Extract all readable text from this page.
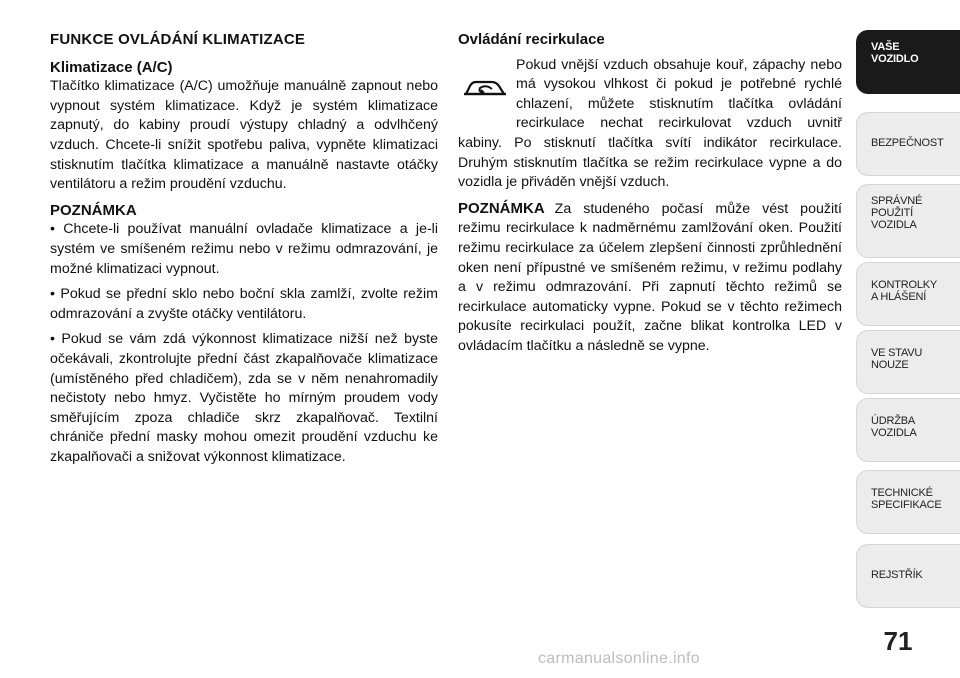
FUNKCE OVLÁDÁNÍ KLIMATIZACE
Klimatizace (A/C)
Tlačítko klimatizace (A/C) umožňuje manuálně zapnout nebo vypnout systém klimatizace. Když je systém klimatizace zapnutý, do kabiny proudí výstupy chladný a odvlhčený vzduch. Chcete-li snížit spotřebu paliva, vypněte klimatizaci stisknutím tlačítka klimatizace a manuálně nastavte otáčky ventilátoru a režim proudění vzduchu.
POZNÁMKA
• Chcete-li používat manuální ovladače klimatizace a je-li systém ve smíšeném režimu nebo v režimu odmrazování, je možné klimatizaci vypnout.
• Pokud se přední sklo nebo boční skla zamlží, zvolte režim odmrazování a zvyšte otáčky ventilátoru.
• Pokud se vám zdá výkonnost klimatizace nižší než byste očekávali, zkontrolujte přední část zkapalňovače klimatizace (umístěného před chladičem), zda se v něm nenahromadily nečistoty nebo hmyz. Vyčistěte ho mírným proudem vody směřujícím zpoza chladiče skrz zkapalňovač. Textilní chrániče přední masky mohou omezit proudění vzduchu ke zkapalňovači a snižovat výkonnost klimatizace.
Ovládání recirkulace
Pokud vnější vzduch obsahuje kouř, zápachy nebo má vysokou vlhkost či pokud je potřebné rychlé chlazení, můžete stisknutím tlačítka ovládání recirkulace nechat recirkulovat vzduch uvnitř kabiny. Po stisknutí tlačítka svítí indikátor recirkulace. Druhým stisknutím tlačítka se režim recirkulace vypne a do vozidla je přiváděn vnější vzduch.
POZNÁMKA Za studeného počasí může vést použití režimu recirkulace k nadměrnému zamlžování oken. Použití režimu recirkulace za účelem zlepšení činnosti zprůhlednění oken není přípustné ve smíšeném režimu, v režimu podlahy a v režimu odmrazování. Při zapnutí těchto režimů se recirkulace automaticky vypne. Pokud se v těchto režimech pokusíte recirkulaci použít, začne blikat kontrolka LED v ovládacím tlačítku a následně se vypne.
VAŠE
VOZIDLO
BEZPEČNOST
SPRÁVNÉ
POUŽITÍ
VOZIDLA
KONTROLKY
A HLÁŠENÍ
VE STAVU
NOUZE
ÚDRŽBA
VOZIDLA
TECHNICKÉ
SPECIFIKACE
REJSTŘÍK
71
carmanualsonline.info
